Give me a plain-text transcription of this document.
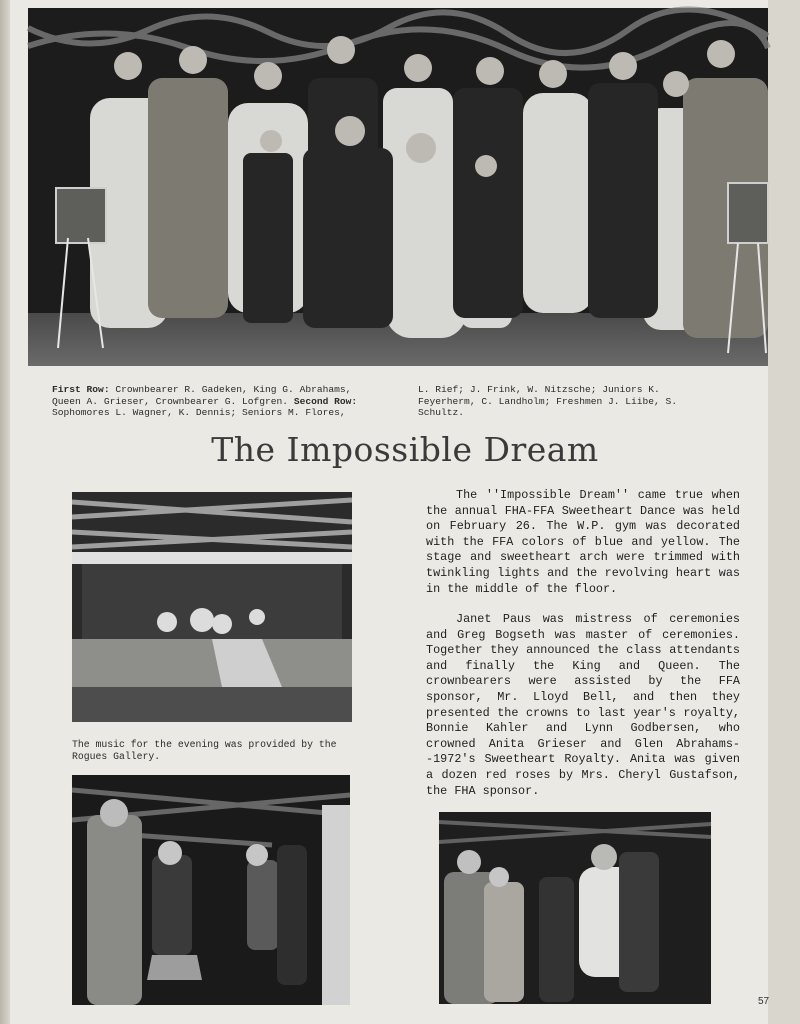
First Row: Crownbearer R. Gadeken, King G. Abrahams, Queen A. Grieser, Crownbearer G. Lofgren. Second Row: Sophomores L. Wagner, K. Dennis; Seniors M. Flores,
L. Rief; J. Frink, W. Nitzsche; Juniors K. Feyerherm, C. Landholm; Freshmen J. Liibe, S. Schultz.
The Impossible Dream
The music for the evening was provided by the Rogues Gallery.

The ''Impossible Dream'' came true when the annual FHA-FFA Sweetheart Dance was held on February 26. The W.P. gym was decorated with the FFA colors of blue and yellow. The stage and sweetheart arch were trimmed with twinkling lights and the revolving heart was in the middle of the floor.

Janet Paus was mistress of ceremonies and Greg Bogseth was master of ceremonies. Together they announced the class attendants and finally the King and Queen. The crownbearers were assisted by the FFA sponsor, Mr. Lloyd Bell, and then they presented the crowns to last year's royalty, Bonnie Kahler and Lynn Godbersen, who crowned Anita Grieser and Glen Abrahams--1972's Sweetheart Royalty. Anita was given a dozen red roses by Mrs. Cheryl Gustafson, the FHA sponsor.

57
